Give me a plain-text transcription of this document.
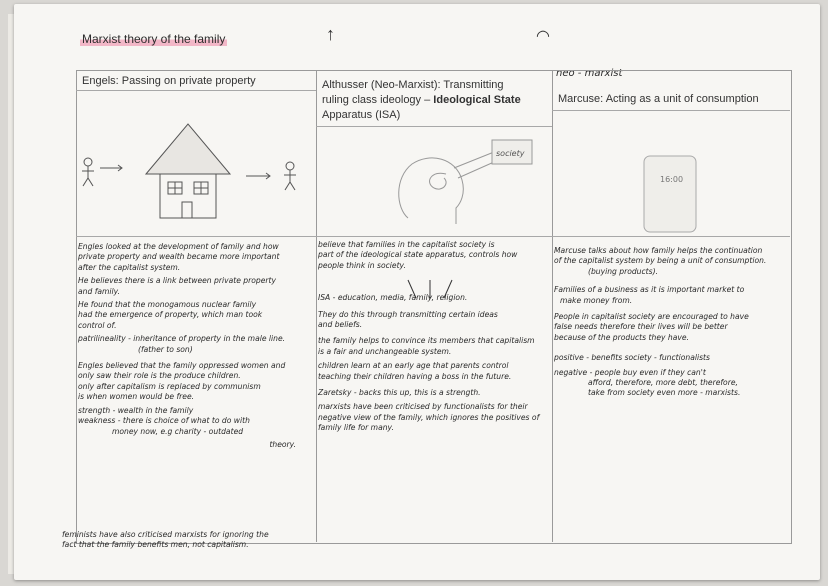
↑	◠
Marxist theory of the family
neo - marxist
Engels: Passing on private property	Althusser (Neo-Marxist): Transmitting
ruling class ideology – Ideological State
Apparatus (ISA)
Marcuse: Acting as a unit of consumption
society
16:00

Engles looked at the development of family and how
private property and wealth became more important
after the capitalist system.

He believes there is a link between private property
and family.

He found that the monogamous nuclear family
had the emergence of property, which man took
control of.

patrilineality - inheritance of property in the male line.
(father to son)

Engles believed that the family oppressed women and
only saw their role is the produce children.
only after capitalism is replaced by communism
is when women would be free.

strength - wealth in the family
weakness - there is choice of what to do with
money now, e.g charity - outdated

theory.
feminists have also criticised marxists for ignoring the
fact that the family benefits men, not capitalism.

believe that families in the capitalist society is
part of the ideological state apparatus, controls how
people think in society.

ISA - education, media, family, religion.

They do this through transmitting certain ideas
and beliefs.

the family helps to convince its members that capitalism
is a fair and unchangeable system.

children learn at an early age that parents control
teaching their children having a boss in the future.

Zaretsky - backs this up, this is a strength.

marxists have been criticised by functionalists for their
negative view of the family, which ignores the positives of
family life for many.

Marcuse talks about how family helps the continuation
of the capitalist system by being a unit of consumption.
(buying products).

Families of a business as it is important market to
make money from.

People in capitalist society are encouraged to have
false needs therefore their lives will be better
because of the products they have.

positive - benefits society - functionalists

negative - people buy even if they can't
afford, therefore, more debt, therefore,
take from society even more - marxists.
